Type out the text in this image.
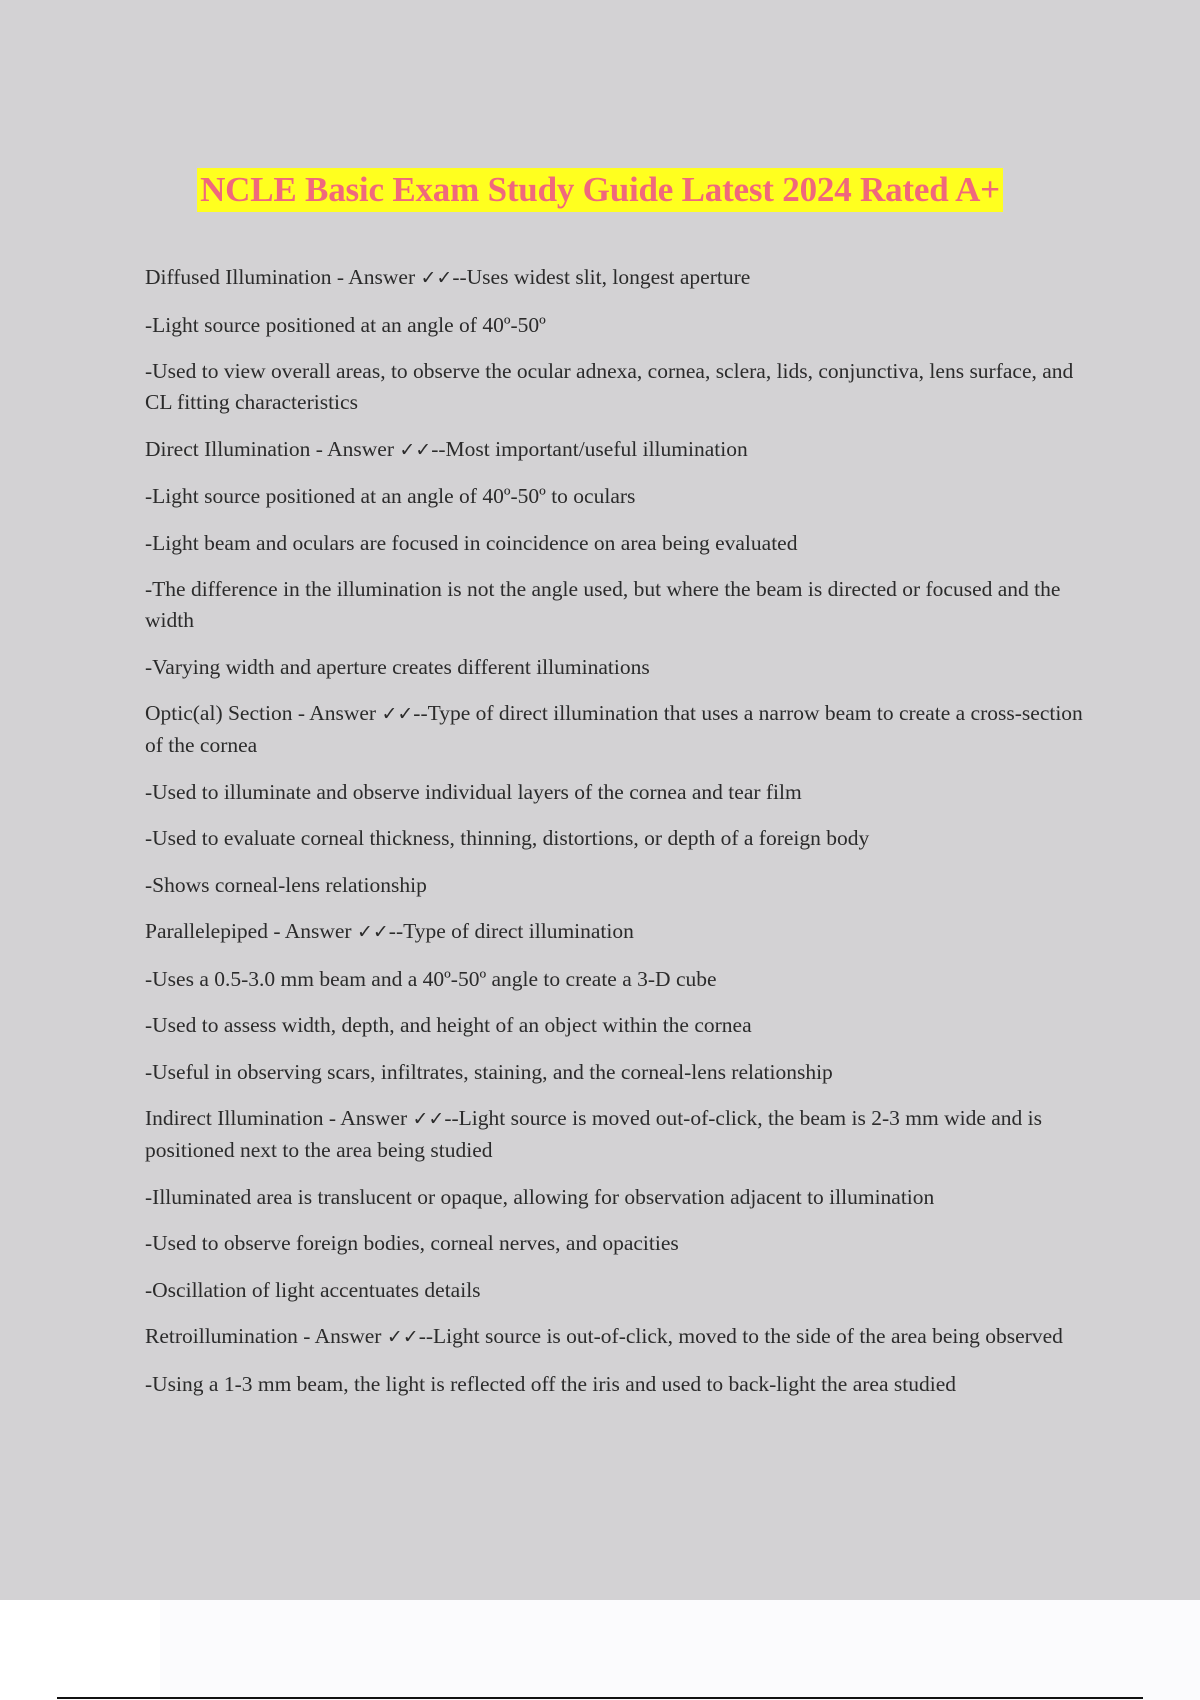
NCLE Basic Exam Study Guide Latest 2024 Rated A+

Diffused Illumination - Answer ✓✓--Uses widest slit, longest aperture

-Light source positioned at an angle of 40º-50º

-Used to view overall areas, to observe the ocular adnexa, cornea, sclera, lids, conjunctiva, lens surface, and CL fitting characteristics

Direct Illumination - Answer ✓✓--Most important/useful illumination

-Light source positioned at an angle of 40º-50º to oculars

-Light beam and oculars are focused in coincidence on area being evaluated

-The difference in the illumination is not the angle used, but where the beam is directed or focused and the width

-Varying width and aperture creates different illuminations

Optic(al) Section - Answer ✓✓--Type of direct illumination that uses a narrow beam to create a cross-section of the cornea

-Used to illuminate and observe individual layers of the cornea and tear film

-Used to evaluate corneal thickness, thinning, distortions, or depth of a foreign body

-Shows corneal-lens relationship

Parallelepiped - Answer ✓✓--Type of direct illumination

-Uses a 0.5-3.0 mm beam and a 40º-50º angle to create a 3-D cube

-Used to assess width, depth, and height of an object within the cornea

-Useful in observing scars, infiltrates, staining, and the corneal-lens relationship

Indirect Illumination - Answer ✓✓--Light source is moved out-of-click, the beam is 2-3 mm wide and is positioned next to the area being studied

-Illuminated area is translucent or opaque, allowing for observation adjacent to illumination

-Used to observe foreign bodies, corneal nerves, and opacities

-Oscillation of light accentuates details

Retroillumination - Answer ✓✓--Light source is out-of-click, moved to the side of the area being observed

-Using a 1-3 mm beam, the light is reflected off the iris and used to back-light the area studied
